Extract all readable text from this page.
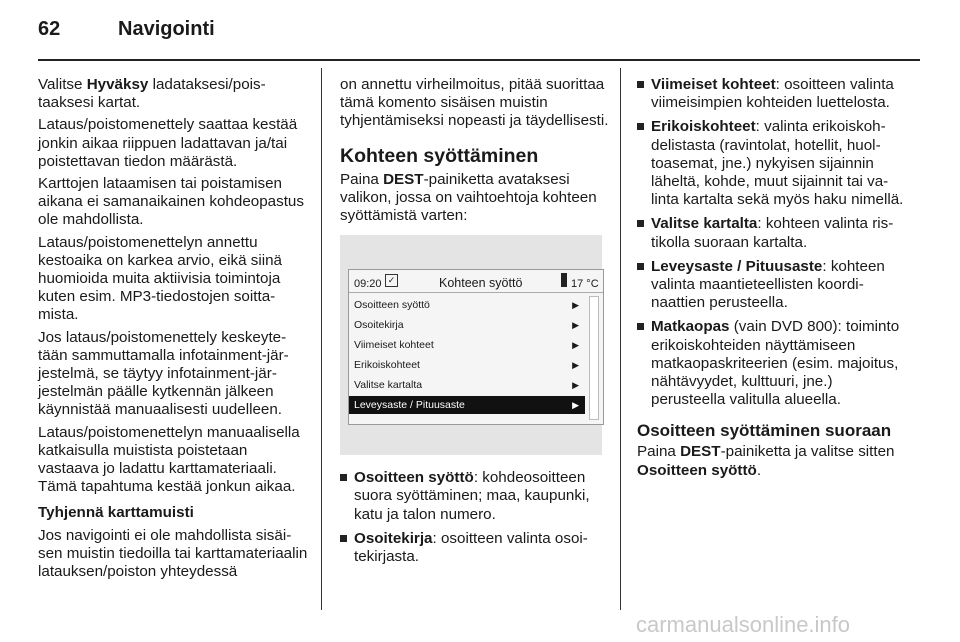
62	Navigointi

Valitse Hyväksy ladataksesi/poistaaksesi kartat.

Lataus/poistomenettely saattaa kestää jonkin aikaa riippuen ladattavan ja/tai poistettavan tiedon määrästä.

Karttojen lataamisen tai poistamisen aikana ei samanaikainen kohdeopastus ole mahdollista.

Lataus/poistomenettelyn annettu kestoaika on karkea arvio, eikä siinä huomioida muita aktiivisia toimintoja kuten esim. MP3-tiedostojen soittamista.

Jos lataus/poistomenettely keskeytetään sammuttamalla infotainment-järjestelmä, se täytyy infotainment-järjestelmän päälle kytkennän jälkeen käynnistää manuaalisesti uudelleen.

Lataus/poistomenettelyn manuaalisella katkaisulla muistista poistetaan vastaava jo ladattu karttamateriaali. Tämä tapahtuma kestää jonkun aikaa.

Tyhjennä karttamuisti

Jos navigointi ei ole mahdollista sisäisen muistin tiedoilla tai karttamateriaalin latauksen/poiston yhteydessä

on annettu virheilmoitus, pitää suorittaa tämä komento sisäisen muistin tyhjentämiseksi nopeasti ja täydellisesti.

Kohteen syöttäminen

Paina DEST-painiketta avataksesi valikon, jossa on vaihtoehtoja kohteen syöttämistä varten:

09:20 ✓	Kohteen syöttö	17 °C
Osoitteen syöttö	▶
Osoitekirja	▶
Viimeiset kohteet	▶
Erikoiskohteet	▶
Valitse kartalta	▶
Leveysaste / Pituusaste	▶
Osoitteen syöttö: kohdeosoitteen suora syöttäminen; maa, kaupunki, katu ja talon numero.
Osoitekirja: osoitteen valinta osoitekirjasta.
Viimeiset kohteet: osoitteen valinta viimeisimpien kohteiden luettelosta.
Erikoiskohteet: valinta erikoiskohdelistasta (ravintolat, hotellit, huoltoasemat, jne.) nykyisen sijainnin läheltä, kohde, muut sijainnit tai valinta kartalta sekä myös haku nimellä.
Valitse kartalta: kohteen valinta ristikolla suoraan kartalta.
Leveysaste / Pituusaste: kohteen valinta maantieteellisten koordinaattien perusteella.
Matkaopas (vain DVD 800): toiminto erikoiskohteiden näyttämiseen matkaopaskriteerien (esim. majoitus, nähtävyydet, kulttuuri, jne.) perusteella valitulla alueella.
Osoitteen syöttäminen suoraan

Paina DEST-painiketta ja valitse sitten Osoitteen syöttö.

carmanualsonline.info
